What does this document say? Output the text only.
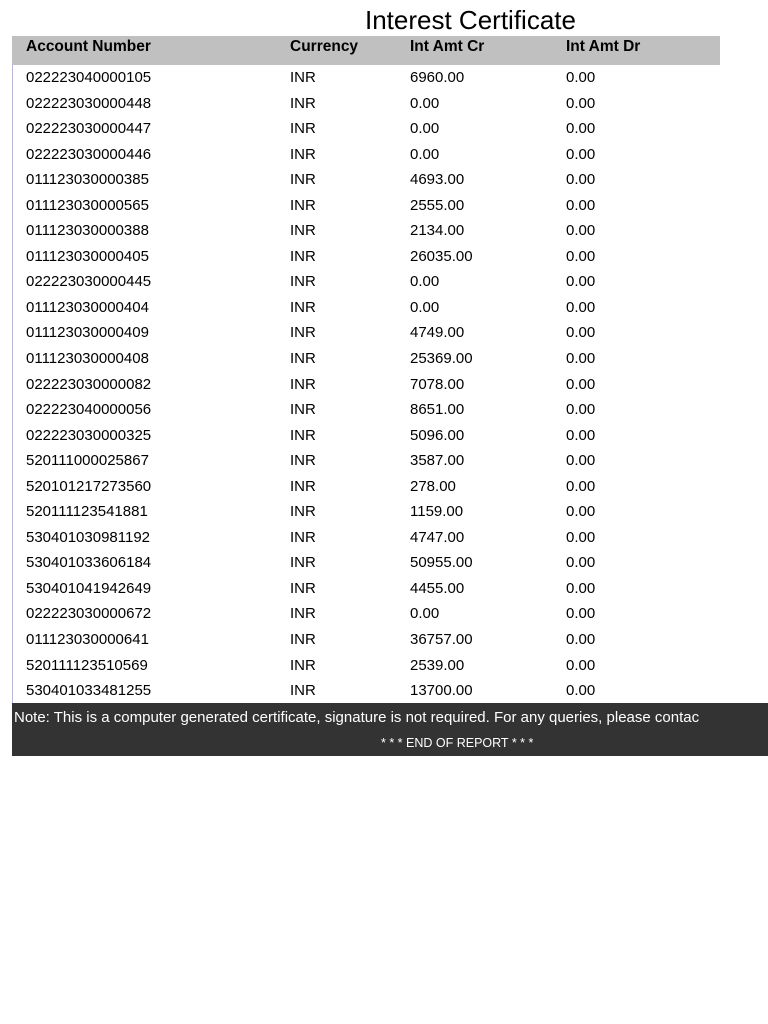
Interest Certificate
Account Number	Currency	Int Amt Cr	Int Amt Dr
022223040000105	INR	6960.00	0.00
022223030000448	INR	0.00	0.00
022223030000447	INR	0.00	0.00
022223030000446	INR	0.00	0.00
011123030000385	INR	4693.00	0.00
011123030000565	INR	2555.00	0.00
011123030000388	INR	2134.00	0.00
011123030000405	INR	26035.00	0.00
022223030000445	INR	0.00	0.00
011123030000404	INR	0.00	0.00
011123030000409	INR	4749.00	0.00
011123030000408	INR	25369.00	0.00
022223030000082	INR	7078.00	0.00
022223040000056	INR	8651.00	0.00
022223030000325	INR	5096.00	0.00
520111000025867	INR	3587.00	0.00
520101217273560	INR	278.00	0.00
520111123541881	INR	1159.00	0.00
530401030981192	INR	4747.00	0.00
530401033606184	INR	50955.00	0.00
530401041942649	INR	4455.00	0.00
022223030000672	INR	0.00	0.00
011123030000641	INR	36757.00	0.00
520111123510569	INR	2539.00	0.00
530401033481255	INR	13700.00	0.00
Note: This is a computer generated certificate, signature is not required. For any queries, please contac
* * * END OF REPORT * * *
